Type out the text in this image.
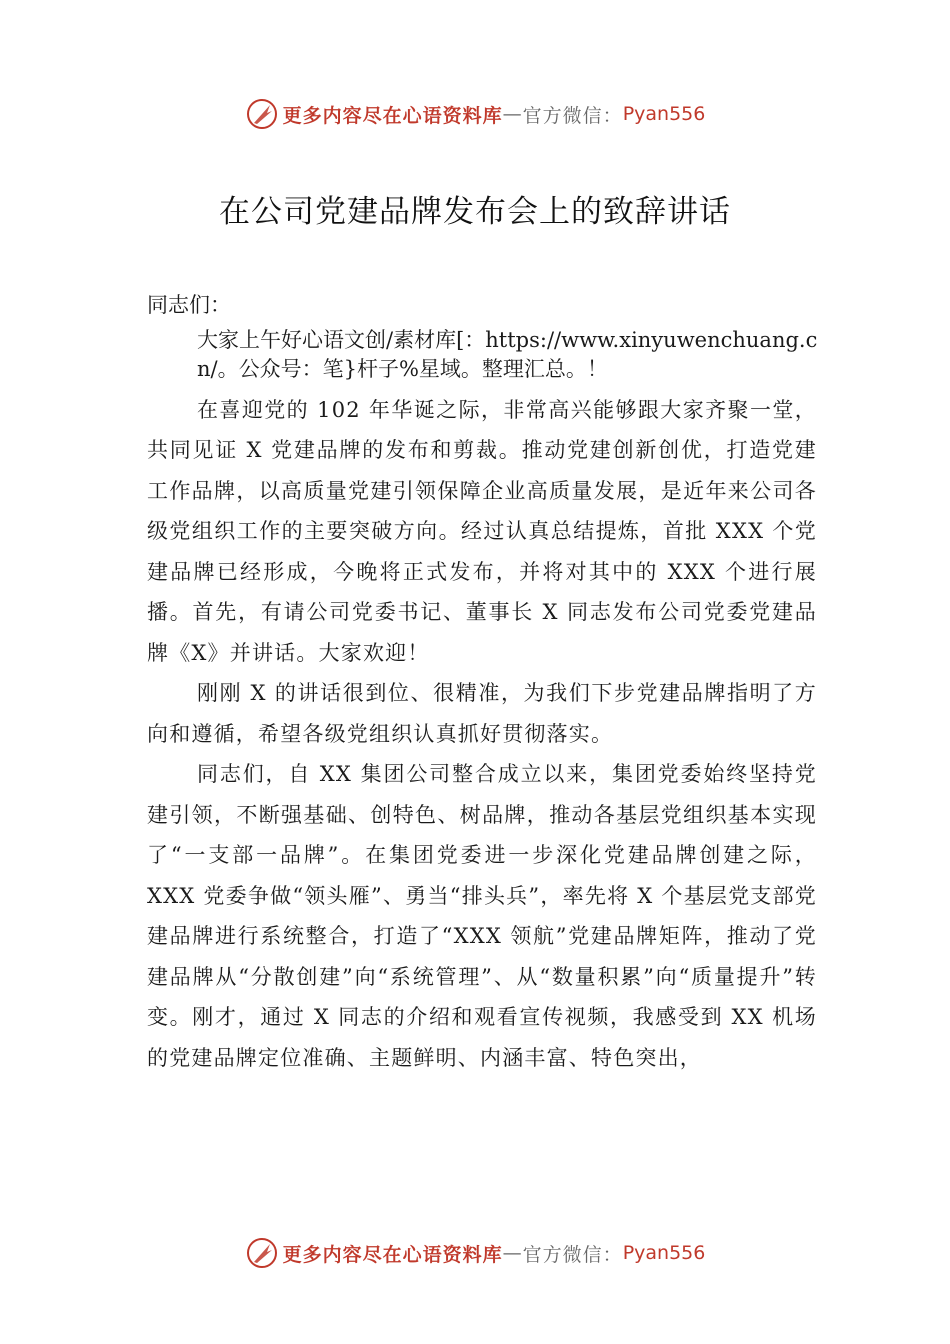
更多内容尽在心语资料库 — 官方微信： Pyan556
在公司党建品牌发布会上的致辞讲话

同志们：

大家上午好心语文创/素材库[：https://www.xinyuwenchuang.cn/。公众号：笔}杆子%星域。整理汇总。！

在喜迎党的 102 年华诞之际，非常高兴能够跟大家齐聚一堂，共同见证 X 党建品牌的发布和剪裁。推动党建创新创优，打造党建工作品牌，以高质量党建引领保障企业高质量发展，是近年来公司各级党组织工作的主要突破方向。经过认真总结提炼，首批 XXX 个党建品牌已经形成，今晚将正式发布，并将对其中的 XXX 个进行展播。首先，有请公司党委书记、董事长 X 同志发布公司党委党建品牌《X》并讲话。大家欢迎！

刚刚 X 的讲话很到位、很精准，为我们下步党建品牌指明了方向和遵循，希望各级党组织认真抓好贯彻落实。

同志们，自 XX 集团公司整合成立以来，集团党委始终坚持党建引领，不断强基础、创特色、树品牌，推动各基层党组织基本实现了“一支部一品牌”。在集团党委进一步深化党建品牌创建之际，XXX 党委争做“领头雁”、勇当“排头兵”，率先将 X 个基层党支部党建品牌进行系统整合，打造了“XXX 领航”党建品牌矩阵，推动了党建品牌从“分散创建”向“系统管理”、从“数量积累”向“质量提升”转变。刚才，通过 X 同志的介绍和观看宣传视频，我感受到 XX 机场的党建品牌定位准确、主题鲜明、内涵丰富、特色突出，

更多内容尽在心语资料库 — 官方微信： Pyan556
